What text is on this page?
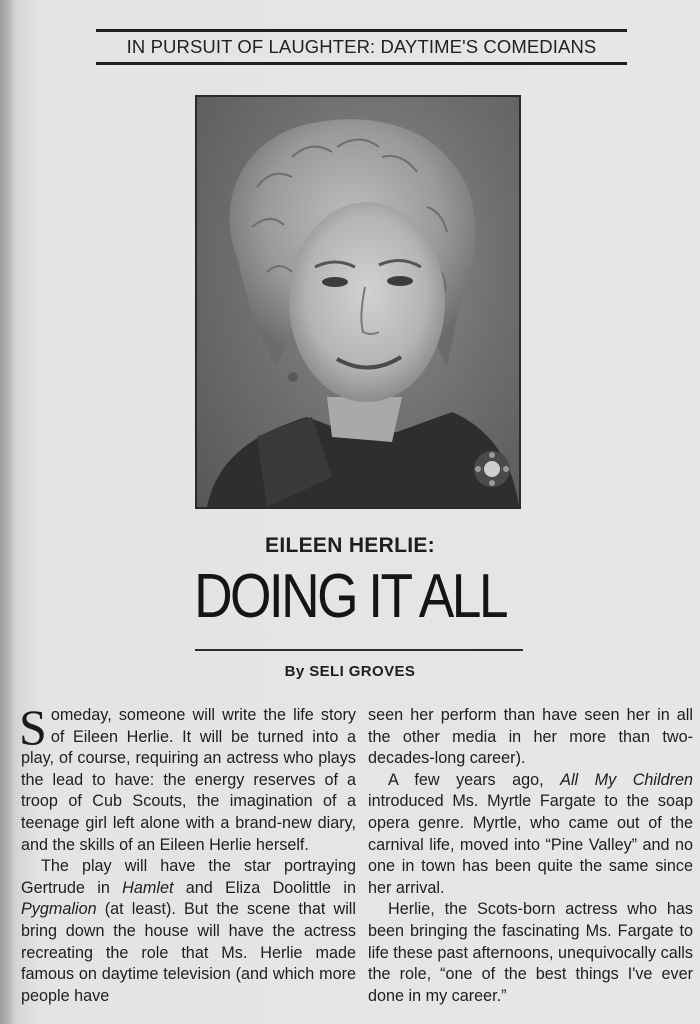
IN PURSUIT OF LAUGHTER: DAYTIME'S COMEDIANS
EILEEN HERLIE:
DOING IT ALL
By SELI GROVES

Someday, someone will write the life story of Eileen Herlie. It will be turned into a play, of course, requiring an actress who plays the lead to have: the energy reserves of a troop of Cub Scouts, the imagination of a teenage girl left alone with a brand-new diary, and the skills of an Eileen Herlie herself.

The play will have the star portraying Gertrude in Hamlet and Eliza Doolittle in Pygmalion (at least). But the scene that will bring down the house will have the actress recreating the role that Ms. Herlie made famous on daytime television (and which more people have

seen her perform than have seen her in all the other media in her more than two-decades-long career).

A few years ago, All My Children introduced Ms. Myrtle Fargate to the soap opera genre. Myrtle, who came out of the carnival life, moved into “Pine Valley” and no one in town has been quite the same since her arrival.

Herlie, the Scots-born actress who has been bringing the fascinating Ms. Fargate to life these past afternoons, unequivocally calls the role, “one of the best things I've ever done in my career.”
